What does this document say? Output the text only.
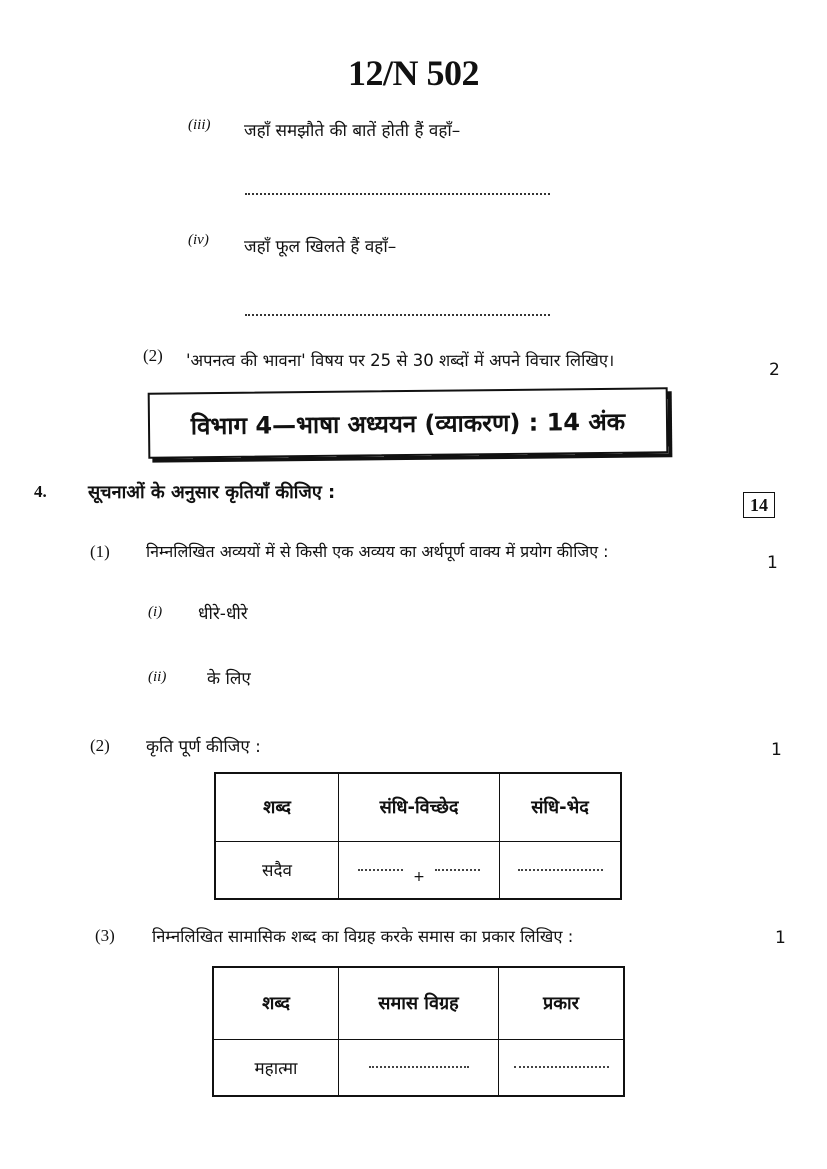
12/N 502
(iii) जहाँ समझौते की बातें होती हैं वहाँ–
(iv) जहाँ फूल खिलते हैं वहाँ–
(2) 'अपनत्व की भावना' विषय पर 25 से 30 शब्दों में अपने विचार लिखिए।	2
विभाग 4—भाषा अध्ययन (व्याकरण) : 14 अंक
4. सूचनाओं के अनुसार कृतियाँ कीजिए :
14
(1) निम्नलिखित अव्ययों में से किसी एक अव्यय का अर्थपूर्ण वाक्य में प्रयोग कीजिए :
1
(i) धीरे-धीरे
(ii) के लिए
(2) कृति पूर्ण कीजिए :	1
शब्द	संधि-विच्छेद	संधि-भेद
सदैव	+	
(3) निम्नलिखित सामासिक शब्द का विग्रह करके समास का प्रकार लिखिए :	1
शब्द	समास विग्रह	प्रकार
महात्मा		
